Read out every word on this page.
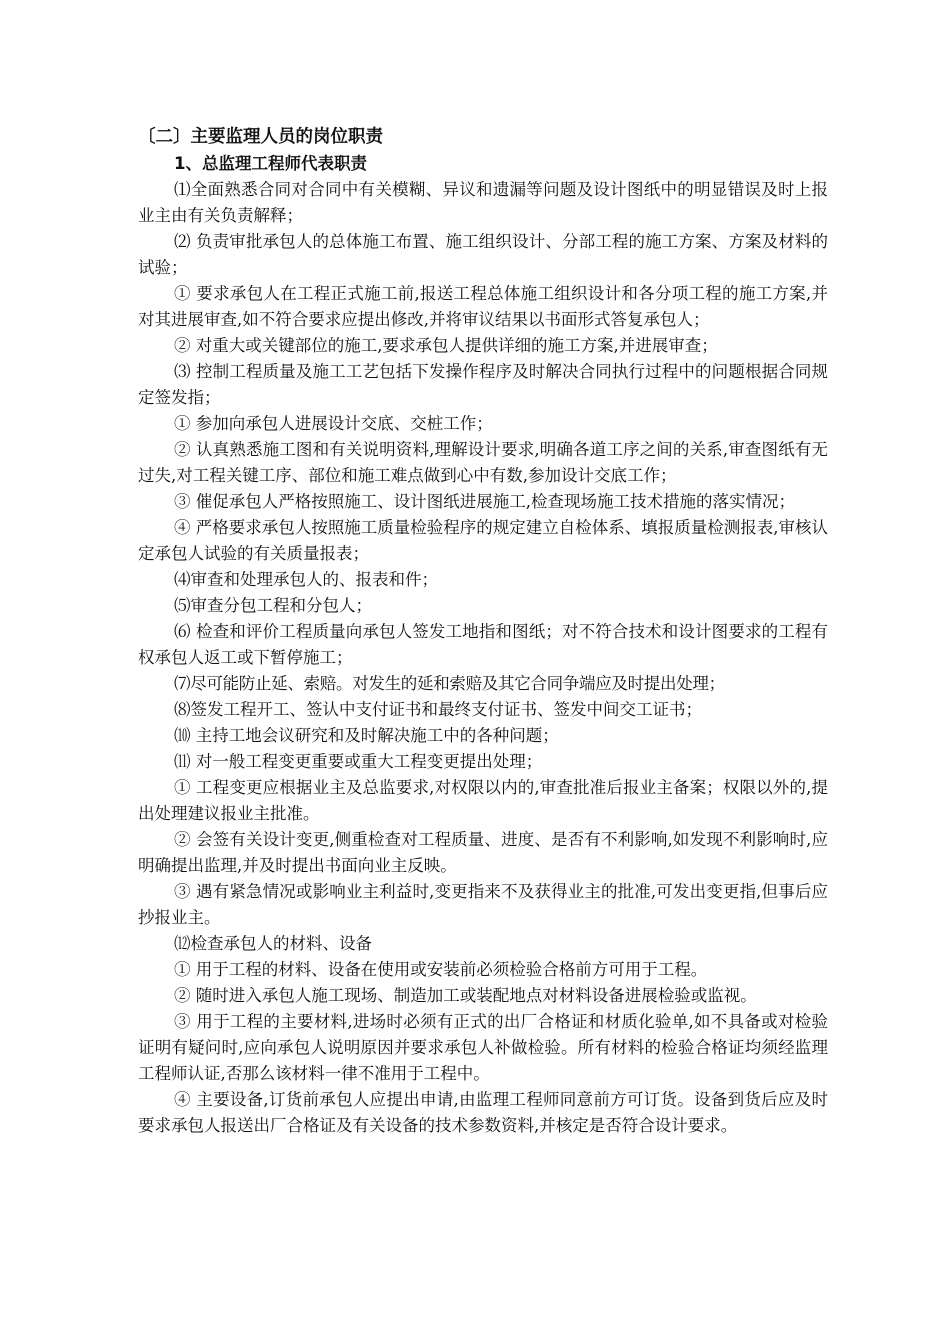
〔二〕主要监理人员的岗位职责
1、总监理工程师代表职责

⑴全面熟悉合同对合同中有关模糊、异议和遗漏等问题及设计图纸中的明显错误及时上报业主由有关负责解释；

⑵ 负责审批承包人的总体施工布置、施工组织设计、分部工程的施工方案、方案及材料的试验；

① 要求承包人在工程正式施工前,报送工程总体施工组织设计和各分项工程的施工方案,并对其进展审查,如不符合要求应提出修改,并将审议结果以书面形式答复承包人；

② 对重大或关键部位的施工,要求承包人提供详细的施工方案,并进展审查；

⑶ 控制工程质量及施工工艺包括下发操作程序及时解决合同执行过程中的问题根据合同规定签发指；

① 参加向承包人进展设计交底、交桩工作；

② 认真熟悉施工图和有关说明资料,理解设计要求,明确各道工序之间的关系,审查图纸有无过失,对工程关键工序、部位和施工难点做到心中有数,参加设计交底工作；

③ 催促承包人严格按照施工、设计图纸进展施工,检查现场施工技术措施的落实情况；

④ 严格要求承包人按照施工质量检验程序的规定建立自检体系、填报质量检测报表,审核认定承包人试验的有关质量报表；

⑷审查和处理承包人的、报表和件；

⑸审查分包工程和分包人；

⑹ 检查和评价工程质量向承包人签发工地指和图纸；对不符合技术和设计图要求的工程有权承包人返工或下暂停施工；

⑺尽可能防止延、索赔。对发生的延和索赔及其它合同争端应及时提出处理；

⑻签发工程开工、签认中支付证书和最终支付证书、签发中间交工证书；

⑽ 主持工地会议研究和及时解决施工中的各种问题；

⑾ 对一般工程变更重要或重大工程变更提出处理；

① 工程变更应根据业主及总监要求,对权限以内的,审查批准后报业主备案；权限以外的,提出处理建议报业主批准。

② 会签有关设计变更,侧重检查对工程质量、进度、是否有不利影响,如发现不利影响时,应明确提出监理,并及时提出书面向业主反映。

③ 遇有紧急情况或影响业主利益时,变更指来不及获得业主的批准,可发出变更指,但事后应抄报业主。

⑿检查承包人的材料、设备

① 用于工程的材料、设备在使用或安装前必须检验合格前方可用于工程。

② 随时进入承包人施工现场、制造加工或装配地点对材料设备进展检验或监视。

③ 用于工程的主要材料,进场时必须有正式的出厂合格证和材质化验单,如不具备或对检验证明有疑问时,应向承包人说明原因并要求承包人补做检验。所有材料的检验合格证均须经监理工程师认证,否那么该材料一律不准用于工程中。

④ 主要设备,订货前承包人应提出申请,由监理工程师同意前方可订货。设备到货后应及时要求承包人报送出厂合格证及有关设备的技术参数资料,并核定是否符合设计要求。
